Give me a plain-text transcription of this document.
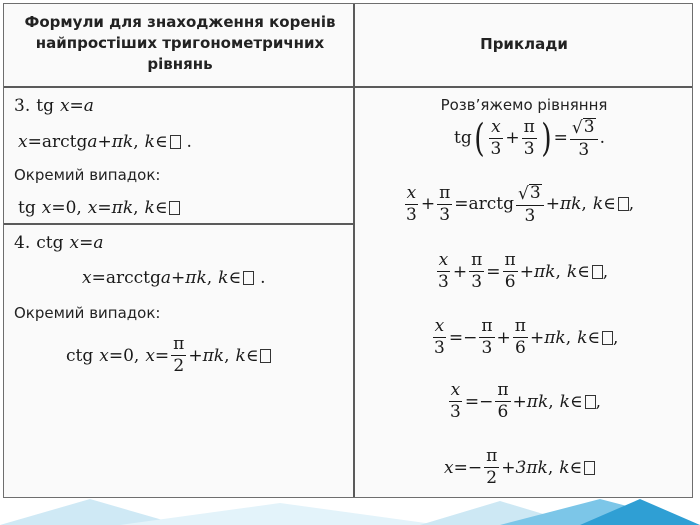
Формули для знаходження коренів найпростіших тригонометричних рівнянь
Приклади
3. tg x = a
x = arctg a + πk , k ∈ .
Окремий випадок:
tg x = 0 , x = πk , k ∈
4. ctg x = a
x = arcctg a + πk , k ∈ .
Окремий випадок:
ctg x = 0 , $x = \frac{\pi}{2} + \pi k$ , k ∈
Розв’яжемо рівняння
tg ( $\frac{x}{3} + \frac{\pi}{3}$ ) = $\frac{√ 3}{3}$ .
$\frac{x}{3} + \frac{\pi}{3}$ = arctg $\frac{√ 3}{3} + \pi k$ , k ∈ ,
$\frac{x}{3} + \frac{\pi}{3} = \frac{\pi}{6} + \pi k$ , k ∈ ,
$\frac{x}{3}$ = − $\frac{\pi}{3} + \frac{\pi}{6} + \pi k$ , k ∈ ,
$\frac{x}{3}$ = − $\frac{\pi}{6} + \pi k$ , k ∈ ,
x = − $\frac{\pi}{2} + 3\pi k$ , k ∈
